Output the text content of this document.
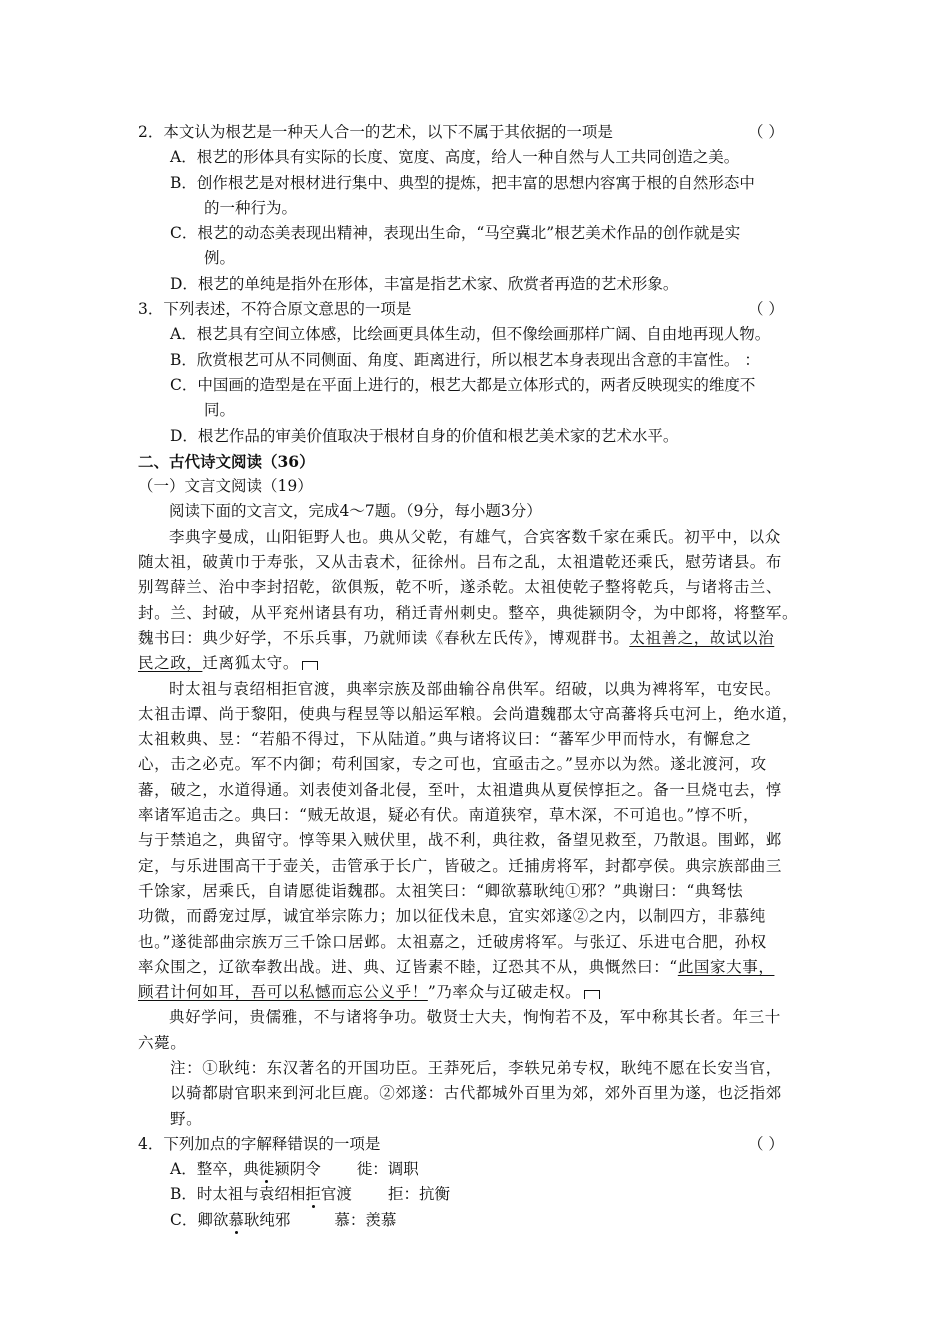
2．本文认为根艺是一种天人合一的艺术，以下不属于其依据的一项是	（ ）
A．根艺的形体具有实际的长度、宽度、高度，给人一种自然与人工共同创造之美。
B．创作根艺是对根材进行集中、典型的提炼，把丰富的思想内容寓于根的自然形态中
的一种行为。
C．根艺的动态美表现出精神，表现出生命，“马空冀北”根艺美术作品的创作就是实
例。
D．根艺的单纯是指外在形体，丰富是指艺术家、欣赏者再造的艺术形象。
3．下列表述，不符合原文意思的一项是	（ ）
A．根艺具有空间立体感，比绘画更具体生动，但不像绘画那样广阔、自由地再现人物。
B．欣赏根艺可从不同侧面、角度、距离进行，所以根艺本身表现出含意的丰富性。 ：
C．中国画的造型是在平面上进行的，根艺大都是立体形式的，两者反映现实的维度不
同。
D．根艺作品的审美价值取决于根材自身的价值和根艺美术家的艺术水平。
二、古代诗文阅读（36）
（一）文言文阅读（19）
阅读下面的文言文，完成4～7题。（9分，每小题3分）
李典字曼成，山阳钜野人也。典从父乾，有雄气，合宾客数千家在乘氏。初平中，以众
随太祖，破黄巾于寿张，又从击袁术，征徐州。吕布之乱，太祖遣乾还乘氏，慰劳诸县。布
别驾薛兰、治中李封招乾，欲俱叛，乾不听，遂杀乾。太祖使乾子整将乾兵，与诸将击兰、
封。兰、封破，从平兖州诸县有功，稍迁青州刺史。整卒，典徙颍阴令，为中郎将，将整军。
魏书曰：典少好学，不乐兵事，乃就师读《春秋左氏传》，博观群书。太祖善之，故试以治
民之政，迁离狐太守。
时太祖与袁绍相拒官渡，典率宗族及部曲输谷帛供军。绍破，以典为裨将军，屯安民。
太祖击谭、尚于黎阳，使典与程昱等以船运军粮。会尚遣魏郡太守高蕃将兵屯河上，绝水道，
太祖敕典、昱：“若船不得过，下从陆道。”典与诸将议曰：“蕃军少甲而恃水，有懈怠之
心，击之必克。军不内御；苟利国家，专之可也，宜亟击之。”昱亦以为然。遂北渡河，攻
蕃，破之，水道得通。刘表使刘备北侵，至叶，太祖遣典从夏侯惇拒之。备一旦烧屯去，惇
率诸军追击之。典曰：“贼无故退，疑必有伏。南道狭窄，草木深，不可追也。”惇不听，
与于禁追之，典留守。惇等果入贼伏里，战不利，典往救，备望见救至，乃散退。围邺，邺
定，与乐进围高干于壶关，击管承于长广，皆破之。迁捕虏将军，封都亭侯。典宗族部曲三
千馀家，居乘氏，自请愿徙诣魏郡。太祖笑曰：“卿欲慕耿纯①邪？”典谢曰：“典驽怯
功微，而爵宠过厚，诚宜举宗陈力；加以征伐未息，宜实郊遂②之内，以制四方，非慕纯
也。”遂徙部曲宗族万三千馀口居邺。太祖嘉之，迁破虏将军。与张辽、乐进屯合肥，孙权
率众围之，辽欲奉教出战。进、典、辽皆素不睦，辽恐其不从，典慨然曰：“此国家大事，
顾君计何如耳，吾可以私憾而忘公义乎！”乃率众与辽破走权。
典好学问，贵儒雅，不与诸将争功。敬贤士大夫，恂恂若不及，军中称其长者。年三十
六薨。
注：①耿纯：东汉著名的开国功臣。王莽死后，李轶兄弟专权，耿纯不愿在长安当官，
以骑都尉官职来到河北巨鹿。②郊遂：古代都城外百里为郊，郊外百里为遂，也泛指郊
野。
4．下列加点的字解释错误的一项是	（ ）
A．整卒，典徙颍阴令 徙：调职
B．时太祖与袁绍相拒官渡 拒：抗衡
C．卿欲慕耿纯邪	慕：羡慕
